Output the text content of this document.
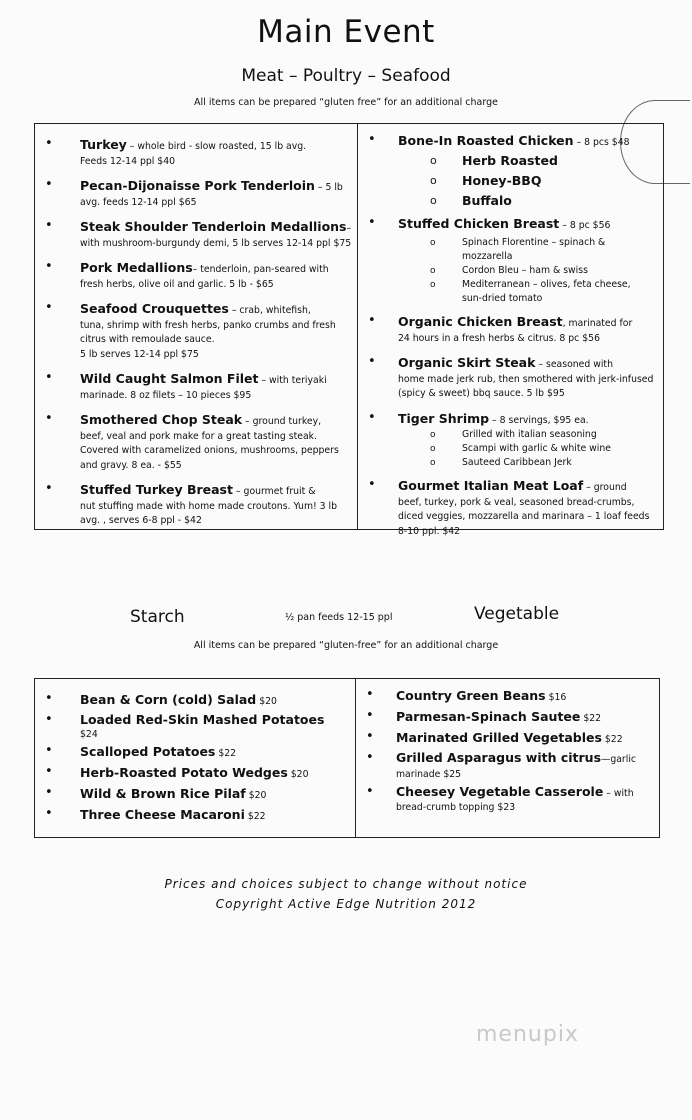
Main Event
Meat – Poultry – Seafood
All items can be prepared “gluten free” for an additional charge
• Turkey – whole bird - slow roasted, 15 lb avg.
Feeds 12-14 ppl $40
• Pecan-Dijonaisse Pork Tenderloin – 5 lb
avg. feeds 12-14 ppl $65
• Steak Shoulder Tenderloin Medallions–
with mushroom-burgundy demi, 5 lb serves 12-14 ppl $75
• Pork Medallions– tenderloin, pan-seared with
fresh herbs, olive oil and garlic. 5 lb - $65
• Seafood Crouquettes – crab, whitefish,
tuna, shrimp with fresh herbs, panko crumbs and fresh citrus with remoulade sauce.
5 lb serves 12-14 ppl $75
• Wild Caught Salmon Filet – with teriyaki
marinade. 8 oz filets – 10 pieces $95
• Smothered Chop Steak – ground turkey,
beef, veal and pork make for a great tasting steak. Covered with caramelized onions, mushrooms, peppers and gravy. 8 ea. - $55
• Stuffed Turkey Breast – gourmet fruit &
nut stuffing made with home made croutons. Yum! 3 lb avg. , serves 6-8 ppl - $42
• Bone-In Roasted Chicken – 8 pcs $48
o Herb Roasted
o Honey-BBQ
o Buffalo
• Stuffed Chicken Breast – 8 pc $56
o	Spinach Florentine – spinach & mozzarella
o	Cordon Bleu – ham & swiss
o	Mediterranean – olives, feta cheese, sun-dried tomato
• Organic Chicken Breast, marinated for
24 hours in a fresh herbs & citrus. 8 pc $56
• Organic Skirt Steak – seasoned with
home made jerk rub, then smothered with jerk-infused (spicy & sweet) bbq sauce. 5 lb $95
• Tiger Shrimp – 8 servings, $95 ea.
o	Grilled with italian seasoning
o	Scampi with garlic & white wine
o	Sauteed Caribbean Jerk
• Gourmet Italian Meat Loaf – ground
beef, turkey, pork & veal, seasoned bread-crumbs, diced veggies, mozzarella and marinara – 1 loaf feeds 8-10 ppl. $42
Starch	½ pan feeds 12-15 ppl	Vegetable
All items can be prepared “gluten-free” for an additional charge
• Bean & Corn (cold) Salad $20
• Loaded Red-Skin Mashed Potatoes
$24
• Scalloped Potatoes $22
• Herb-Roasted Potato Wedges $20
• Wild & Brown Rice Pilaf $20
• Three Cheese Macaroni $22
• Country Green Beans $16
• Parmesan-Spinach Sautee $22
• Marinated Grilled Vegetables $22
• Grilled Asparagus with citrus—garlic
marinade $25
• Cheesey Vegetable Casserole – with
bread-crumb topping $23
Prices and choices subject to change without notice
Copyright Active Edge Nutrition 2012
menupix
